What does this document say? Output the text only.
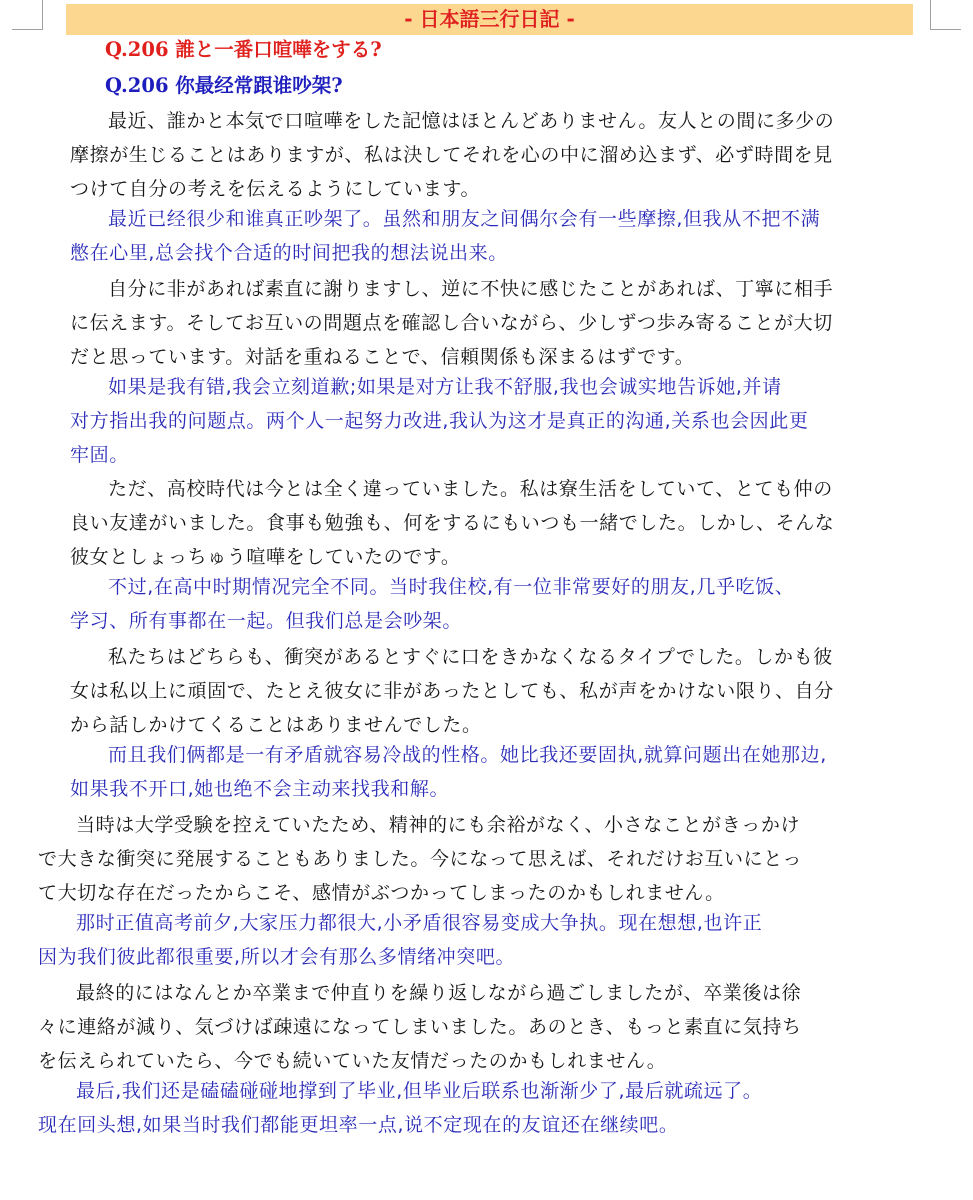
- 日本語三行日記 -
Q.206 誰と一番口喧嘩をする?
Q.206 你最经常跟谁吵架?
最近、誰かと本気で口喧嘩をした記憶はほとんどありません。友人との間に多少の
摩擦が生じることはありますが、私は決してそれを心の中に溜め込まず、必ず時間を見
つけて自分の考えを伝えるようにしています。
最近已经很少和谁真正吵架了。虽然和朋友之间偶尔会有一些摩擦,但我从不把不满
憋在心里,总会找个合适的时间把我的想法说出来。
自分に非があれば素直に謝りますし、逆に不快に感じたことがあれば、丁寧に相手
に伝えます。そしてお互いの問題点を確認し合いながら、少しずつ歩み寄ることが大切
だと思っています。対話を重ねることで、信頼関係も深まるはずです。
如果是我有错,我会立刻道歉;如果是对方让我不舒服,我也会诚实地告诉她,并请
对方指出我的问题点。两个人一起努力改进,我认为这才是真正的沟通,关系也会因此更
牢固。
ただ、高校時代は今とは全く違っていました。私は寮生活をしていて、とても仲の
良い友達がいました。食事も勉強も、何をするにもいつも一緒でした。しかし、そんな
彼女としょっちゅう喧嘩をしていたのです。
不过,在高中时期情况完全不同。当时我住校,有一位非常要好的朋友,几乎吃饭、
学习、所有事都在一起。但我们总是会吵架。
私たちはどちらも、衝突があるとすぐに口をきかなくなるタイプでした。しかも彼
女は私以上に頑固で、たとえ彼女に非があったとしても、私が声をかけない限り、自分
から話しかけてくることはありませんでした。
而且我们俩都是一有矛盾就容易冷战的性格。她比我还要固执,就算问题出在她那边,
如果我不开口,她也绝不会主动来找我和解。
当時は大学受験を控えていたため、精神的にも余裕がなく、小さなことがきっかけ
で大きな衝突に発展することもありました。今になって思えば、それだけお互いにとっ
て大切な存在だったからこそ、感情がぶつかってしまったのかもしれません。
那时正值高考前夕,大家压力都很大,小矛盾很容易变成大争执。现在想想,也许正
因为我们彼此都很重要,所以才会有那么多情绪冲突吧。
最終的にはなんとか卒業まで仲直りを繰り返しながら過ごしましたが、卒業後は徐
々に連絡が減り、気づけば疎遠になってしまいました。あのとき、もっと素直に気持ち
を伝えられていたら、今でも続いていた友情だったのかもしれません。
最后,我们还是磕磕碰碰地撑到了毕业,但毕业后联系也渐渐少了,最后就疏远了。
现在回头想,如果当时我们都能更坦率一点,说不定现在的友谊还在继续吧。
